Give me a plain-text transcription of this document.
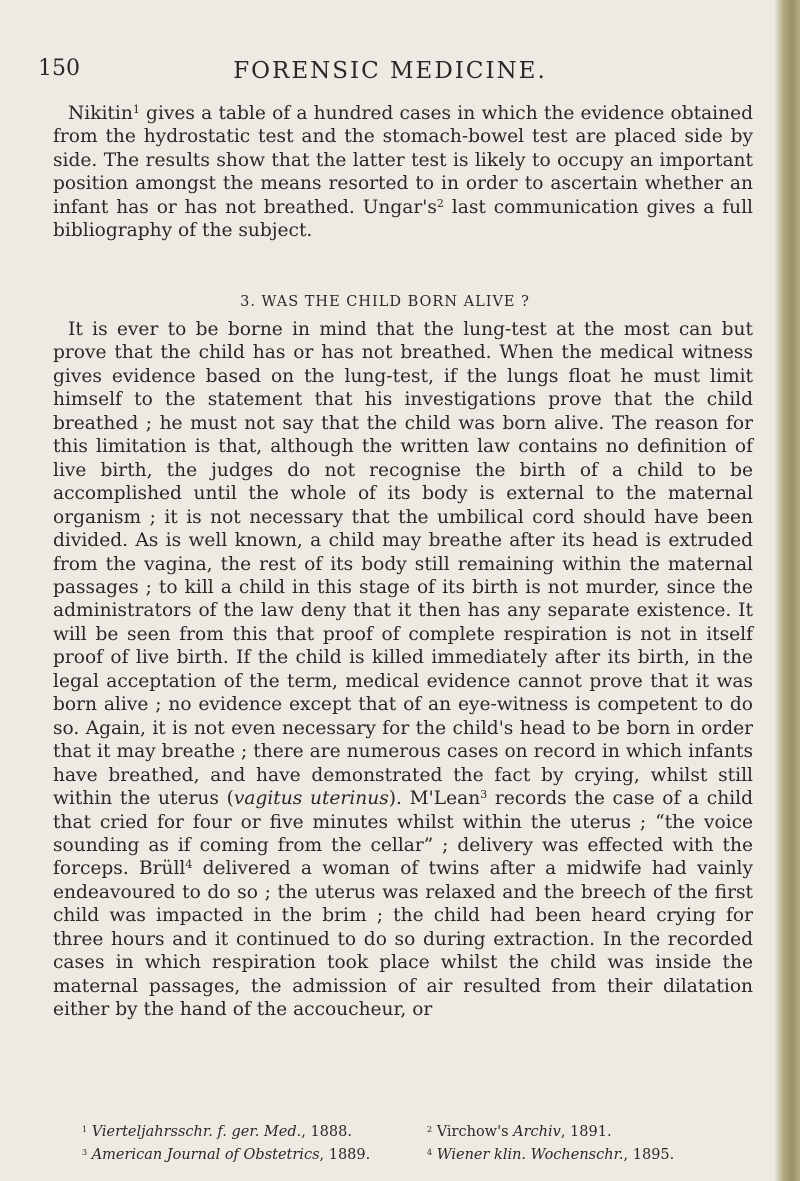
150	FORENSIC MEDICINE.

Nikitin$^1$ gives a table of a hundred cases in which the evidence obtained from the hydrostatic test and the stomach-bowel test are placed side by side. The results show that the latter test is likely to occupy an important position amongst the means resorted to in order to ascertain whether an infant has or has not breathed. $Ungar's^2$ last communication gives a full bibliography of the subject.

3. WAS THE CHILD BORN ALIVE ?

It is ever to be borne in mind that the lung-test at the most can but prove that the child has or has not breathed. When the medical witness gives evidence based on the lung-test, if the lungs float he must limit himself to the statement that his investigations prove that the child breathed ; he must not say that the child was born alive. The reason for this limitation is that, although the written law contains no definition of live birth, the judges do not recognise the birth of a child to be accomplished until the whole of its body is external to the maternal organism ; it is not necessary that the umbilical cord should have been divided. As is well known, a child may breathe after its head is extruded from the vagina, the rest of its body still remaining within the maternal passages ; to kill a child in this stage of its birth is not murder, since the administrators of the law deny that it then has any separate existence. It will be seen from this that proof of complete respiration is not in itself proof of live birth. If the child is killed immediately after its birth, in the legal acceptation of the term, medical evidence cannot prove that it was born alive ; no evidence except that of an eye-witness is competent to do so. Again, it is not even necessary for the child's head to be born in order that it may breathe ; there are numerous cases on record in which infants have breathed, and have demonstrated the fact by crying, whilst still within the uterus (vagitus uterinus). M'Lean$^3$ records the case of a child that cried for four or five minutes whilst within the uterus ; “the voice sounding as if coming from the cellar” ; delivery was effected with the forceps. Brüll$^4$ delivered a woman of twins after a midwife had vainly endeavoured to do so ; the uterus was relaxed and the breech of the first child was impacted in the brim ; the child had been heard crying for three hours and it continued to do so during extraction. In the recorded cases in which respiration took place whilst the child was inside the maternal passages, the admission of air resulted from their dilatation either by the hand of the accoucheur, or

$^1$ Vierteljahrsschr. f. ger. Med., 1888.	$^2$ Virchow's Archiv, 1891.
$^3$ American Journal of Obstetrics, 1889.	$^4$ Wiener klin. Wochenschr., 1895.
